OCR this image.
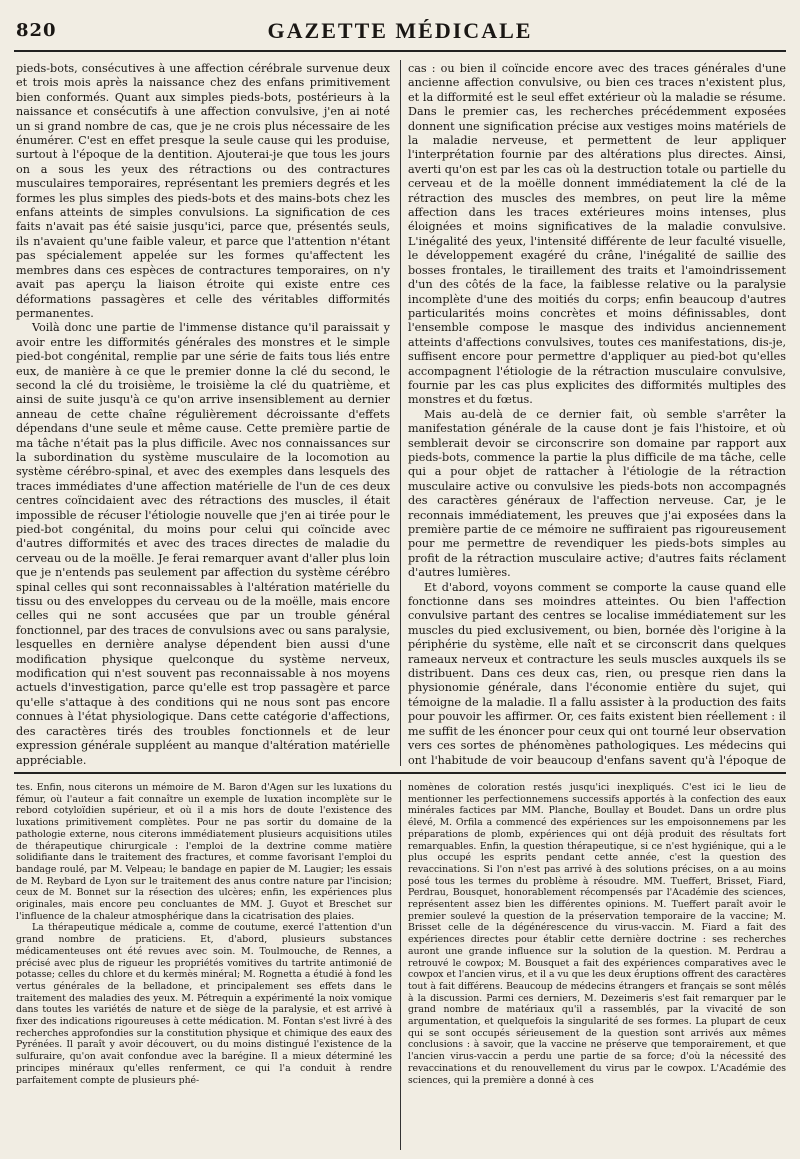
820	GAZETTE MÉDICALE

pieds-bots, consécutives à une affection cérébrale survenue deux et trois mois après la naissance chez des enfans primitivement bien conformés. Quant aux simples pieds-bots, postérieurs à la naissance et consécutifs à une affection convulsive, j'en ai noté un si grand nombre de cas, que je ne crois plus nécessaire de les énumérer. C'est en effet presque la seule cause qui les produise, surtout à l'époque de la dentition. Ajouterai-je que tous les jours on a sous les yeux des rétractions ou des contractures musculaires temporaires, représentant les premiers degrés et les formes les plus simples des pieds-bots et des mains-bots chez les enfans atteints de simples convulsions. La signification de ces faits n'avait pas été saisie jusqu'ici, parce que, présentés seuls, ils n'avaient qu'une faible valeur, et parce que l'attention n'étant pas spécialement appelée sur les formes qu'affectent les membres dans ces espèces de contractures temporaires, on n'y avait pas aperçu la liaison étroite qui existe entre ces déformations passagères et celle des véritables difformités permanentes.

Voilà donc une partie de l'immense distance qu'il paraissait y avoir entre les difformités générales des monstres et le simple pied-bot congénital, remplie par une série de faits tous liés entre eux, de manière à ce que le premier donne la clé du second, le second la clé du troisième, le troisième la clé du quatrième, et ainsi de suite jusqu'à ce qu'on arrive insensiblement au dernier anneau de cette chaîne régulièrement décroissante d'effets dépendans d'une seule et même cause. Cette première partie de ma tâche n'était pas la plus difficile. Avec nos connaissances sur la subordination du système musculaire de la locomotion au système cérébro-spinal, et avec des exemples dans lesquels des traces immédiates d'une affection matérielle de l'un de ces deux centres coïncidaient avec des rétractions des muscles, il était impossible de récuser l'étiologie nouvelle que j'en ai tirée pour le pied-bot congénital, du moins pour celui qui coïncide avec d'autres difformités et avec des traces directes de maladie du cerveau ou de la moëlle. Je ferai remarquer avant d'aller plus loin que je n'entends pas seulement par affection du système cérébro spinal celles qui sont reconnaissables à l'altération matérielle du tissu ou des enveloppes du cerveau ou de la moëlle, mais encore celles qui ne sont accusées que par un trouble général fonctionnel, par des traces de convulsions avec ou sans paralysie, lesquelles en dernière analyse dépendent bien aussi d'une modification physique quelconque du système nerveux, modification qui n'est souvent pas reconnaissable à nos moyens actuels d'investigation, parce qu'elle est trop passagère et parce qu'elle s'attaque à des conditions qui ne nous sont pas encore connues à l'état physiologique. Dans cette catégorie d'affections, des caractères tirés des troubles fonctionnels et de leur expression générale suppléent au manque d'altération matérielle appréciable.

cas : ou bien il coïncide encore avec des traces générales d'une ancienne affection convulsive, ou bien ces traces n'existent plus, et la difformité est le seul effet extérieur où la maladie se résume. Dans le premier cas, les recherches précédemment exposées donnent une signification précise aux vestiges moins matériels de la maladie nerveuse, et permettent de leur appliquer l'interprétation fournie par des altérations plus directes. Ainsi, averti qu'on est par les cas où la destruction totale ou partielle du cerveau et de la moëlle donnent immédiatement la clé de la rétraction des muscles des membres, on peut lire la même affection dans les traces extérieures moins intenses, plus éloignées et moins significatives de la maladie convulsive. L'inégalité des yeux, l'intensité différente de leur faculté visuelle, le développement exagéré du crâne, l'inégalité de saillie des bosses frontales, le tiraillement des traits et l'amoindrissement d'un des côtés de la face, la faiblesse relative ou la paralysie incomplète d'une des moitiés du corps; enfin beaucoup d'autres particularités moins concrètes et moins définissables, dont l'ensemble compose le masque des individus anciennement atteints d'affections convulsives, toutes ces manifestations, dis-je, suffisent encore pour permettre d'appliquer au pied-bot qu'elles accompagnent l'étiologie de la rétraction musculaire convulsive, fournie par les cas plus explicites des difformités multiples des monstres et du fœtus.

Mais au-delà de ce dernier fait, où semble s'arrêter la manifestation générale de la cause dont je fais l'histoire, et où semblerait devoir se circonscrire son domaine par rapport aux pieds-bots, commence la partie la plus difficile de ma tâche, celle qui a pour objet de rattacher à l'étiologie de la rétraction musculaire active ou convulsive les pieds-bots non accompagnés des caractères généraux de l'affection nerveuse. Car, je le reconnais immédiatement, les preuves que j'ai exposées dans la première partie de ce mémoire ne suffiraient pas rigoureusement pour me permettre de revendiquer les pieds-bots simples au profit de la rétraction musculaire active; d'autres faits réclament d'autres lumières.

Et d'abord, voyons comment se comporte la cause quand elle fonctionne dans ses moindres atteintes. Ou bien l'affection convulsive partant des centres se localise immédiatement sur les muscles du pied exclusivement, ou bien, bornée dès l'origine à la périphérie du système, elle naît et se circonscrit dans quelques rameaux nerveux et contracture les seuls muscles auxquels ils se distribuent. Dans ces deux cas, rien, ou presque rien dans la physionomie générale, dans l'économie entière du sujet, qui témoigne de la maladie. Il a fallu assister à la production des faits pour pouvoir les affirmer. Or, ces faits existent bien réellement : il me suffit de les énoncer pour ceux qui ont tourné leur observation vers ces sortes de phénomènes pathologiques. Les médecins qui ont l'habitude de voir beaucoup d'enfans savent qu'à l'époque de

tes. Enfin, nous citerons un mémoire de M. Baron d'Agen sur les luxations du fémur, où l'auteur a fait connaître un exemple de luxation incomplète sur le rebord cotyloïdien supérieur, et où il a mis hors de doute l'existence des luxations primitivement complètes. Pour ne pas sortir du domaine de la pathologie externe, nous citerons immédiatement plusieurs acquisitions utiles de thérapeutique chirurgicale : l'emploi de la dextrine comme matière solidifiante dans le traitement des fractures, et comme favorisant l'emploi du bandage roulé, par M. Velpeau; le bandage en papier de M. Laugier; les essais de M. Reybard de Lyon sur le traitement des anus contre nature par l'incision; ceux de M. Bonnet sur la résection des ulcères; enfin, les expériences plus originales, mais encore peu concluantes de MM. J. Guyot et Breschet sur l'influence de la chaleur atmosphérique dans la cicatrisation des plaies.

La thérapeutique médicale a, comme de coutume, exercé l'attention d'un grand nombre de praticiens. Et, d'abord, plusieurs substances médicamenteuses ont été revues avec soin. M. Toulmouche, de Rennes, a précisé avec plus de rigueur les propriétés vomitives du tartrite antimonié de potasse; celles du chlore et du kermès minéral; M. Rognetta a étudié à fond les vertus générales de la belladone, et principalement ses effets dans le traitement des maladies des yeux. M. Pétrequin a expérimenté la noix vomique dans toutes les variétés de nature et de siège de la paralysie, et est arrivé à fixer des indications rigoureuses à cette médication. M. Fontan s'est livré à des recherches approfondies sur la constitution physique et chimique des eaux des Pyrénées. Il paraît y avoir découvert, ou du moins distingué l'existence de la sulfuraire, qu'on avait confondue avec la barégine. Il a mieux déterminé les principes minéraux qu'elles renferment, ce qui l'a conduit à rendre parfaitement compte de plusieurs phé-

nomènes de coloration restés jusqu'ici inexpliqués. C'est ici le lieu de mentionner les perfectionnemens successifs apportés à la confection des eaux minérales factices par MM. Planche, Boullay et Boudet. Dans un ordre plus élevé, M. Orfila a commencé des expériences sur les empoisonnemens par les préparations de plomb, expériences qui ont déjà produit des résultats fort remarquables. Enfin, la question thérapeutique, si ce n'est hygiénique, qui a le plus occupé les esprits pendant cette année, c'est la question des revaccinations. Si l'on n'est pas arrivé à des solutions précises, on a au moins posé tous les termes du problème à résoudre. MM. Tueffert, Brisset, Fiard, Perdrau, Bousquet, honorablement récompensés par l'Académie des sciences, représentent assez bien les différentes opinions. M. Tueffert paraît avoir le premier soulevé la question de la préservation temporaire de la vaccine; M. Brisset celle de la dégénérescence du virus-vaccin. M. Fiard a fait des expériences directes pour établir cette dernière doctrine : ses recherches auront une grande influence sur la solution de la question. M. Perdrau a retrouvé le cowpox; M. Bousquet a fait des expériences comparatives avec le cowpox et l'ancien virus, et il a vu que les deux éruptions offrent des caractères tout à fait différens. Beaucoup de médecins étrangers et français se sont mêlés à la discussion. Parmi ces derniers, M. Dezeimeris s'est fait remarquer par le grand nombre de matériaux qu'il a rassemblés, par la vivacité de son argumentation, et quelquefois la singularité de ses formes. La plupart de ceux qui se sont occupés sérieusement de la question sont arrivés aux mêmes conclusions : à savoir, que la vaccine ne préserve que temporairement, et que l'ancien virus-vaccin a perdu une partie de sa force; d'où la nécessité des revaccinations et du renouvellement du virus par le cowpox. L'Académie des sciences, qui la première a donné à ces
